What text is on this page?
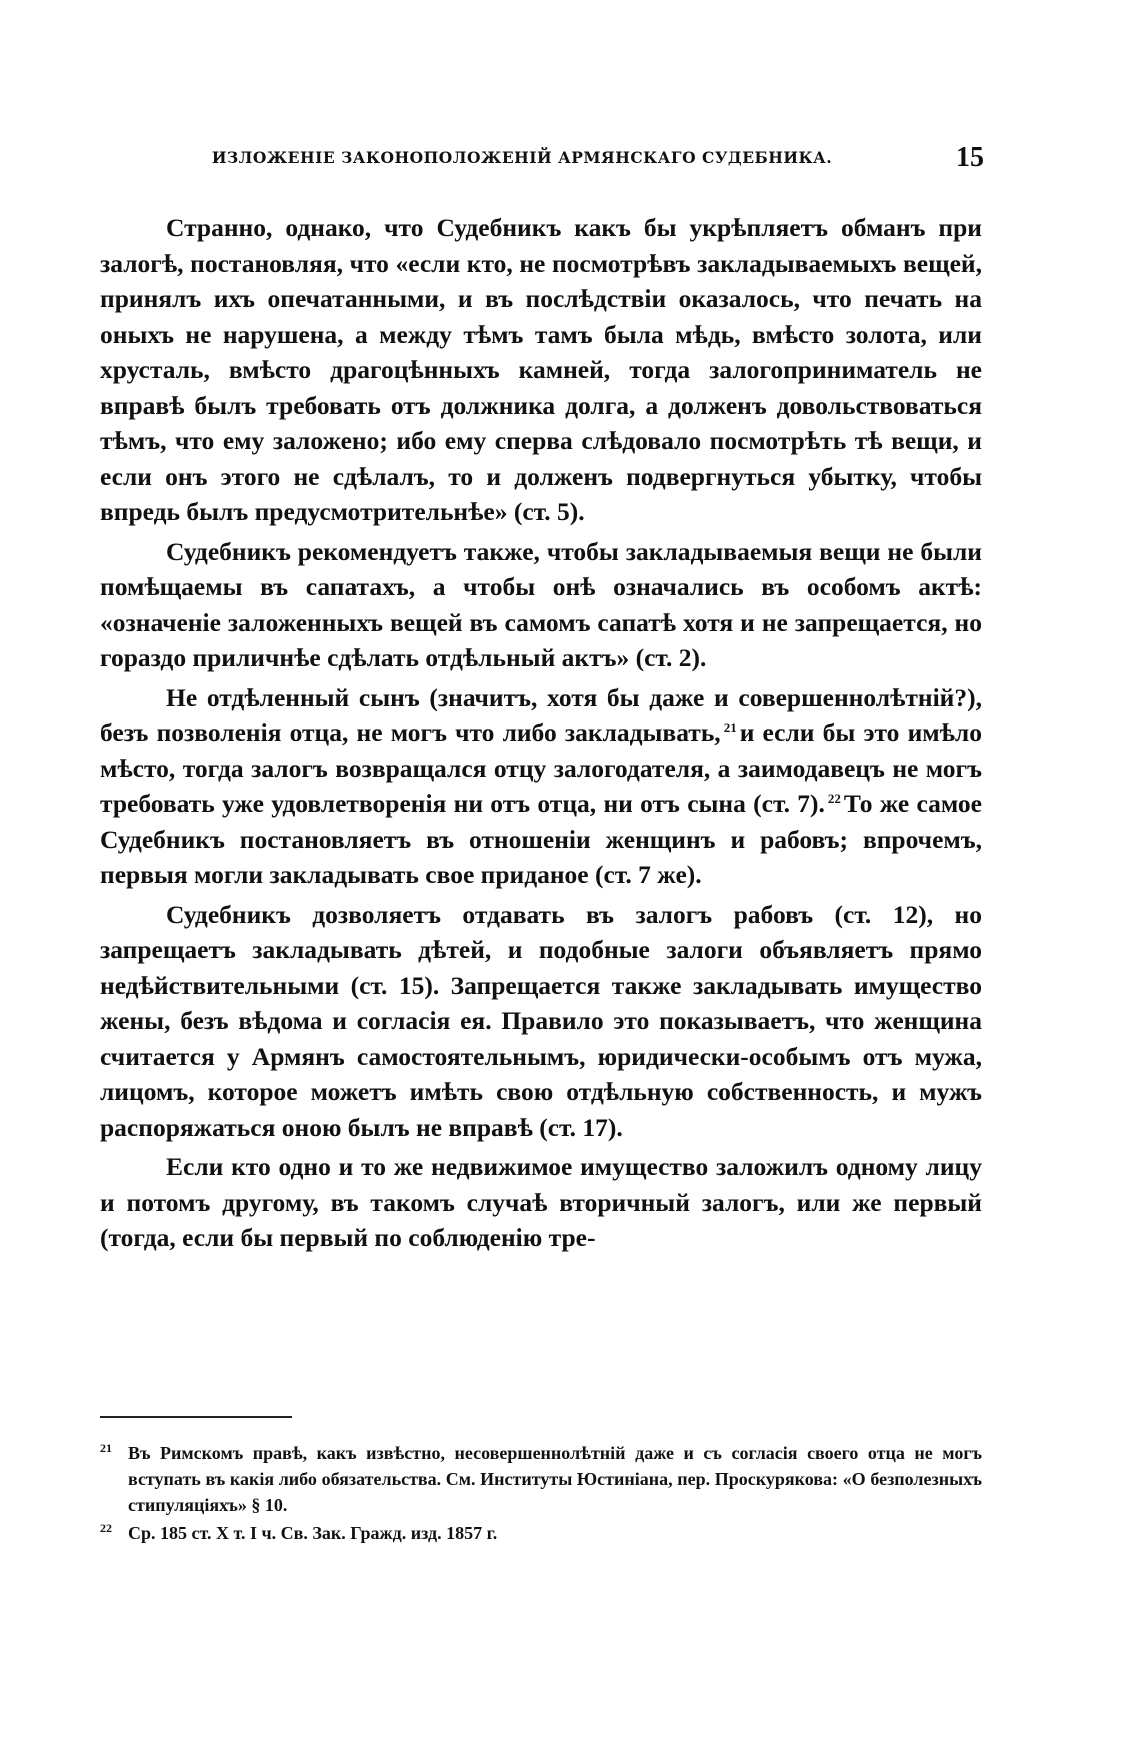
ИЗЛОЖЕНІЕ ЗАКОНОПОЛОЖЕНІЙ АРМЯНСКАГО СУДЕБНИКА.	15

Странно, однако, что Судебникъ какъ бы укрѣпляетъ обманъ при залогѣ, постановляя, что «если кто, не посмотрѣвъ закладываемыхъ вещей, принялъ ихъ опечатанными, и въ послѣдствіи оказалось, что печать на оныхъ не нарушена, а между тѣмъ тамъ была мѣдь, вмѣсто золота, или хрусталь, вмѣсто драгоцѣнныхъ камней, тогда залогоприниматель не вправѣ былъ требовать отъ должника долга, а долженъ довольствоваться тѣмъ, что ему заложено; ибо ему сперва слѣдовало посмотрѣть тѣ вещи, и если онъ этого не сдѣлалъ, то и долженъ подвергнуться убытку, чтобы впредь былъ предусмотрительнѣе» (ст. 5).

Судебникъ рекомендуетъ также, чтобы закладываемыя вещи не были помѣщаемы въ сапатахъ, а чтобы онѣ означались въ особомъ актѣ: «означеніе заложенныхъ вещей въ самомъ сапатѣ хотя и не запрещается, но гораздо приличнѣе сдѣлать отдѣльный актъ» (ст. 2).

Не отдѣленный сынъ (значитъ, хотя бы даже и совершеннолѣтній?), безъ позволенія отца, не могъ что либо закладывать, $^{21}$ и если бы это имѣло мѣсто, тогда залогъ возвращался отцу залогодателя, а заимодавецъ не могъ требовать уже удовлетворенія ни отъ отца, ни отъ сына (ст. 7). $^{22}$ То же самое Судебникъ постановляетъ въ отношеніи женщинъ и рабовъ; впрочемъ, первыя могли закладывать свое приданое (ст. 7 же).

Судебникъ дозволяетъ отдавать въ залогъ рабовъ (ст. 12), но запрещаетъ закладывать дѣтей, и подобные залоги объявляетъ прямо недѣйствительными (ст. 15). Запрещается также закладывать имущество жены, безъ вѣдома и согласія ея. Правило это показываетъ, что женщина считается у Армянъ самостоятельнымъ, юридически-особымъ отъ мужа, лицомъ, которое можетъ имѣть свою отдѣльную собственность, и мужъ распоряжаться оною былъ не вправѣ (ст. 17).

Если кто одно и то же недвижимое имущество заложилъ одному лицу и потомъ другому, въ такомъ случаѣ вторичный залогъ, или же первый (тогда, если бы первый по соблюденію тре-

21 Въ Римскомъ правѣ, какъ извѣстно, несовершеннолѣтній даже и съ согласія своего отца не могъ вступать въ какія либо обязательства. См. Институты Юстиніана, пер. Проскурякова: «О безполезныхъ стипуляціяхъ» § 10.

22 Ср. 185 ст. X т. I ч. Св. Зак. Гражд. изд. 1857 г.
